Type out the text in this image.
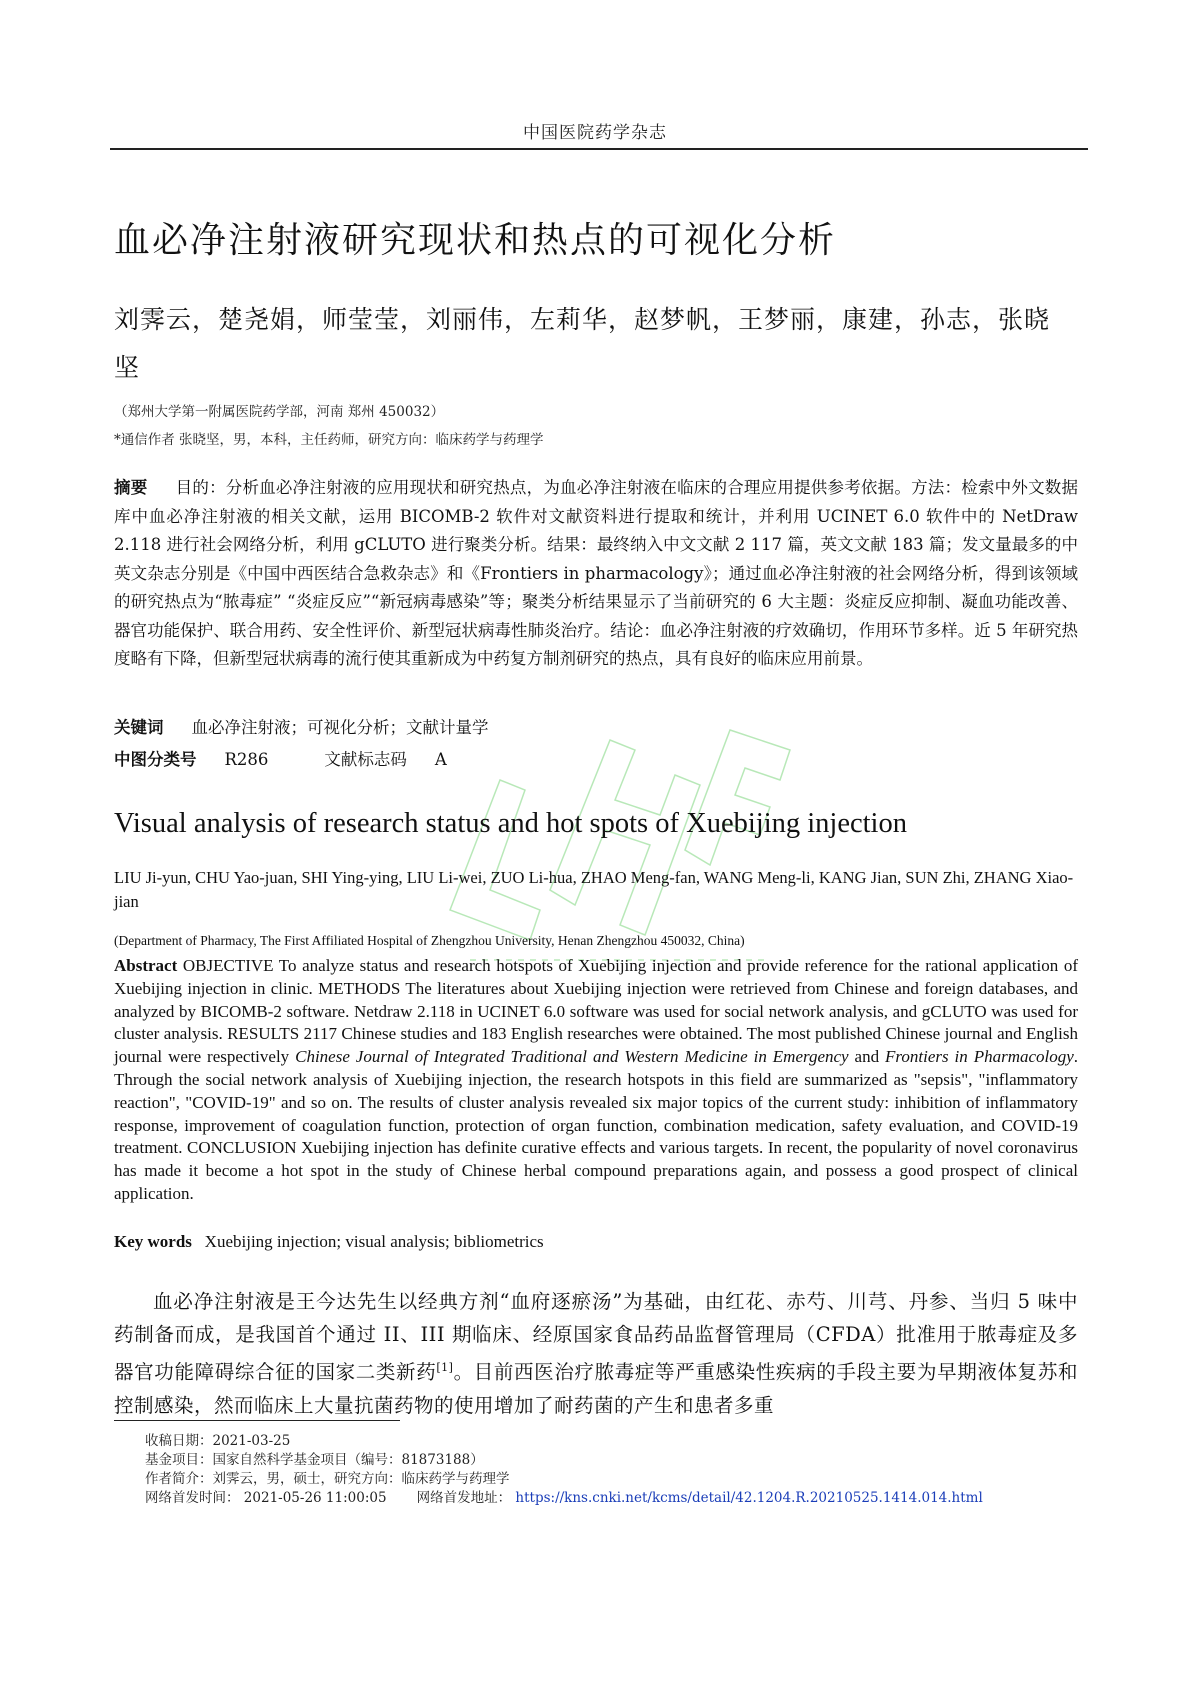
中国医院药学杂志
血必净注射液研究现状和热点的可视化分析
刘霁云，楚尧娟，师莹莹，刘丽伟，左莉华，赵梦帆，王梦丽，康建，孙志，张晓坚
（郑州大学第一附属医院药学部，河南 郑州 450032）
*通信作者 张晓坚，男，本科，主任药师，研究方向：临床药学与药理学
摘要 目的：分析血必净注射液的应用现状和研究热点，为血必净注射液在临床的合理应用提供参考依据。方法：检索中外文数据库中血必净注射液的相关文献，运用 BICOMB-2 软件对文献资料进行提取和统计，并利用 UCINET 6.0 软件中的 NetDraw 2.118 进行社会网络分析，利用 gCLUTO 进行聚类分析。结果：最终纳入中文文献 2 117 篇，英文文献 183 篇；发文量最多的中英文杂志分别是《中国中西医结合急救杂志》和《Frontiers in pharmacology》；通过血必净注射液的社会网络分析，得到该领域的研究热点为“脓毒症” “炎症反应”“新冠病毒感染”等；聚类分析结果显示了当前研究的 6 大主题：炎症反应抑制、凝血功能改善、器官功能保护、联合用药、安全性评价、新型冠状病毒性肺炎治疗。结论：血必净注射液的疗效确切，作用环节多样。近 5 年研究热度略有下降，但新型冠状病毒的流行使其重新成为中药复方制剂研究的热点，具有良好的临床应用前景。
关键词 血必净注射液；可视化分析；文献计量学
中图分类号 R286	文献标志码 A
Visual analysis of research status and hot spots of Xuebijing injection
LIU Ji-yun, CHU Yao-juan, SHI Ying-ying, LIU Li-wei, ZUO Li-hua, ZHAO Meng-fan, WANG Meng-li, KANG Jian, SUN Zhi, ZHANG Xiao-jian
(Department of Pharmacy, The First Affiliated Hospital of Zhengzhou University, Henan Zhengzhou 450032, China)
Abstract OBJECTIVE To analyze status and research hotspots of Xuebijing injection and provide reference for the rational application of Xuebijing injection in clinic. METHODS The literatures about Xuebijing injection were retrieved from Chinese and foreign databases, and analyzed by BICOMB-2 software. Netdraw 2.118 in UCINET 6.0 software was used for social network analysis, and gCLUTO was used for cluster analysis. RESULTS 2117 Chinese studies and 183 English researches were obtained. The most published Chinese journal and English journal were respectively Chinese Journal of Integrated Traditional and Western Medicine in Emergency and Frontiers in Pharmacology. Through the social network analysis of Xuebijing injection, the research hotspots in this field are summarized as "sepsis", "inflammatory reaction", "COVID-19" and so on. The results of cluster analysis revealed six major topics of the current study: inhibition of inflammatory response, improvement of coagulation function, protection of organ function, combination medication, safety evaluation, and COVID-19 treatment. CONCLUSION Xuebijing injection has definite curative effects and various targets. In recent, the popularity of novel coronavirus has made it become a hot spot in the study of Chinese herbal compound preparations again, and possess a good prospect of clinical application.
Key words Xuebijing injection; visual analysis; bibliometrics
血必净注射液是王今达先生以经典方剂“血府逐瘀汤”为基础，由红花、赤芍、川芎、丹参、当归 5 味中药制备而成，是我国首个通过 II、III 期临床、经原国家食品药品监督管理局（CFDA）批准用于脓毒症及多器官功能障碍综合征的国家二类新药[1]。目前西医治疗脓毒症等严重感染性疾病的手段主要为早期液体复苏和控制感染，然而临床上大量抗菌药物的使用增加了耐药菌的产生和患者多重
收稿日期：2021-03-25
基金项目：国家自然科学基金项目（编号：81873188）
作者简介：刘霁云，男，硕士，研究方向：临床药学与药理学
网络首发时间： 2021-05-26 11:00:05 网络首发地址： https://kns.cnki.net/kcms/detail/42.1204.R.20210525.1414.014.html
